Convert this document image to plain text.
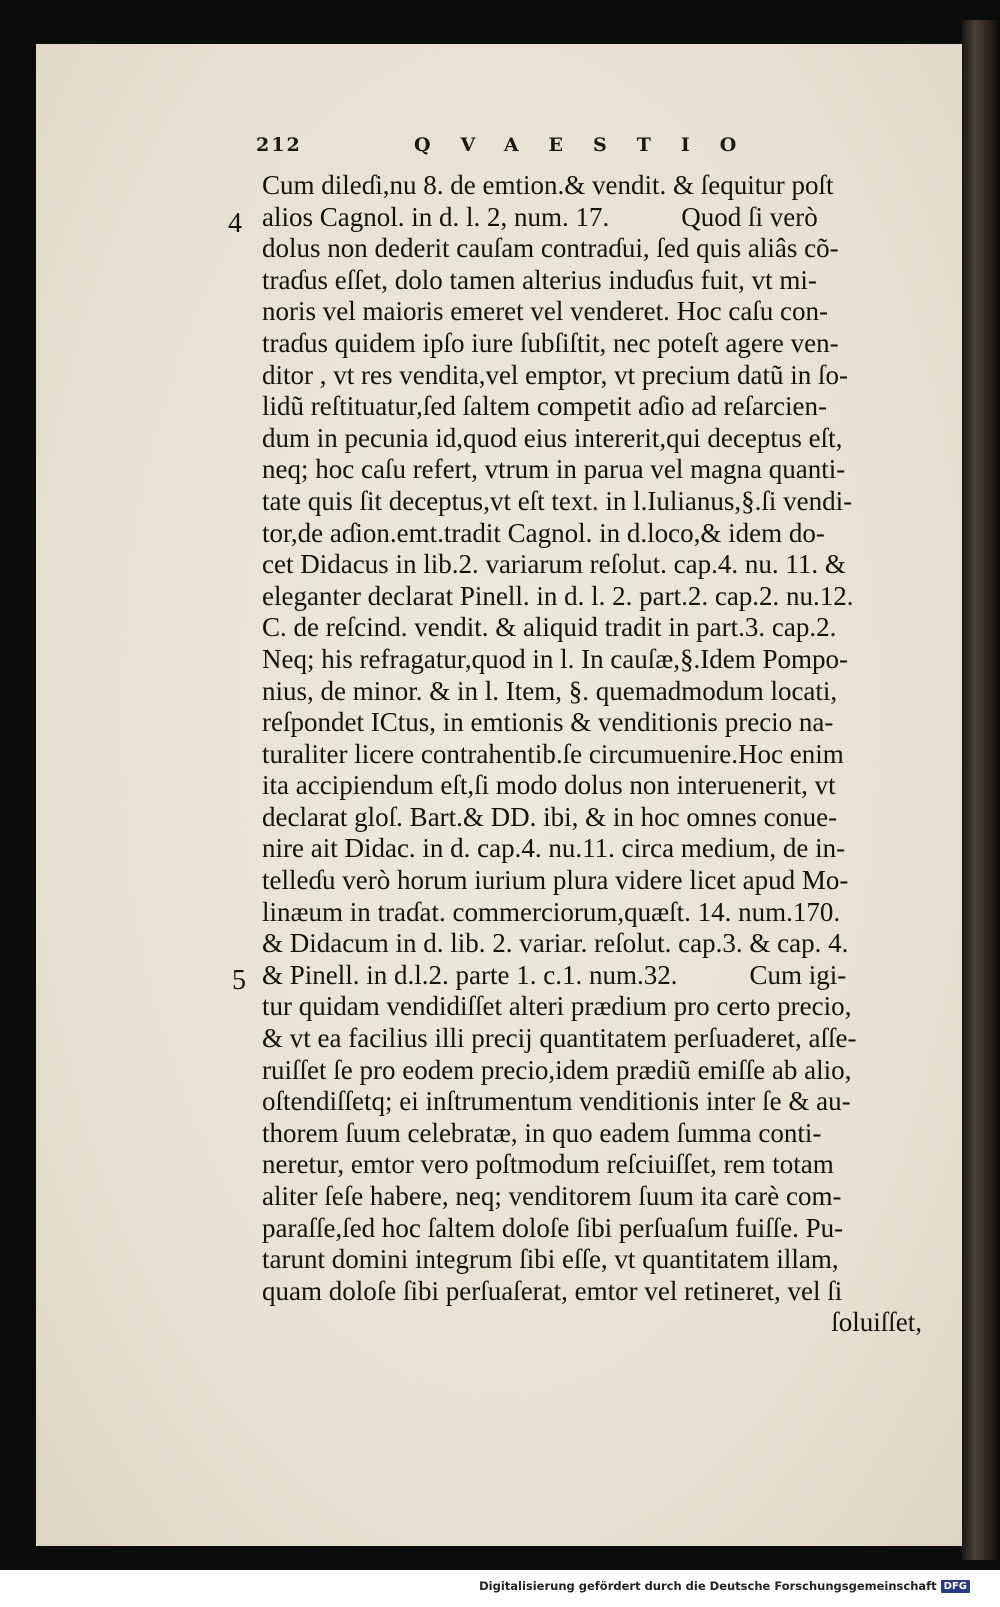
212	QVAESTIO
4
5
Cum dileɗi,nu 8. de emtion.& vendit. & ſequitur poſt
alios Cagnol. in d. l. 2, num. 17.	Quod ſi verò
dolus non dederit cauſam contraɗui, ſed quis aliâs cõ-
traɗus eſſet, dolo tamen alterius induɗus fuit, vt mi-
noris vel maioris emeret vel venderet. Hoc caſu con-
traɗus quidem ipſo iure ſubſiſtit, nec poteſt agere ven-
ditor , vt res vendita,vel emptor, vt precium datũ in ſo-
lidũ reſtituatur,ſed ſaltem competit aɗio ad reſarcien-
dum in pecunia id,quod eius intererit,qui deceptus eſt,
neq; hoc caſu refert, vtrum in parua vel magna quanti-
tate quis ſit deceptus,vt eſt text. in l.Iulianus,§.ſi vendi-
tor,de aɗion.emt.tradit Cagnol. in d.loco,& idem do-
cet Didacus in lib.2. variarum reſolut. cap.4. nu. 11. &
eleganter declarat Pinell. in d. l. 2. part.2. cap.2. nu.12.
C. de reſcind. vendit. & aliquid tradit in part.3. cap.2.
Neq; his refragatur,quod in l. In cauſæ,§.Idem Pompo-
nius, de minor. & in l. Item, §. quemadmodum locati,
reſpondet ICtus, in emtionis & venditionis precio na-
turaliter licere contrahentib.ſe circumuenire.Hoc enim
ita accipiendum eſt,ſi modo dolus non interuenerit, vt
declarat gloſ. Bart.& DD. ibi, & in hoc omnes conue-
nire ait Didac. in d. cap.4. nu.11. circa medium, de in-
telleɗu verò horum iurium plura videre licet apud Mo-
linæum in traɗat. commerciorum,quæſt. 14. num.170.
& Didacum in d. lib. 2. variar. reſolut. cap.3. & cap. 4.
& Pinell. in d.l.2. parte 1. c.1. num.32.	Cum igi-
tur quidam vendidiſſet alteri prædium pro certo precio,
& vt ea facilius illi precij quantitatem perſuaderet, aſſe-
ruiſſet ſe pro eodem precio,idem prædiũ emiſſe ab alio,
oſtendiſſetq; ei inſtrumentum venditionis inter ſe & au-
thorem ſuum celebratæ, in quo eadem ſumma conti-
neretur, emtor vero poſtmodum reſciuiſſet, rem totam
aliter ſeſe habere, neq; venditorem ſuum ita carè com-
paraſſe,ſed hoc ſaltem doloſe ſibi perſuaſum fuiſſe. Pu-
tarunt domini integrum ſibi eſſe, vt quantitatem illam,
quam doloſe ſibi perſuaſerat, emtor vel retineret, vel ſi
ſoluiſſet,
Digitalisierung gefördert durch die Deutsche Forschungsgemeinschaft DFG
